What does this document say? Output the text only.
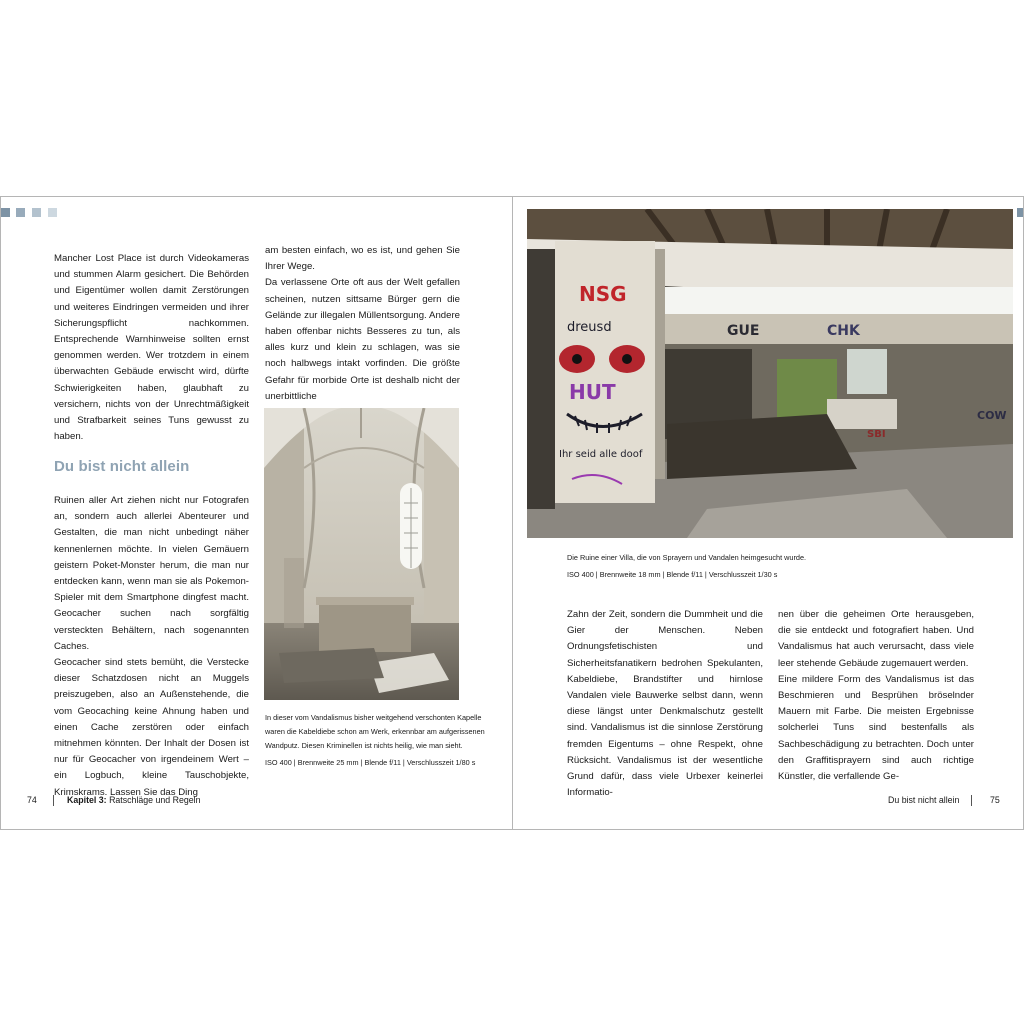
Mancher Lost Place ist durch Videokameras und stummen Alarm gesichert. Die Behörden und Eigentümer wollen damit Zerstörungen und weiteres Eindringen vermeiden und ihrer Sicherungspflicht nachkommen. Entsprechende Warnhinweise sollten ernst genommen werden. Wer trotzdem in einem überwachten Gebäude erwischt wird, dürfte Schwierigkeiten haben, glaubhaft zu versichern, nichts von der Unrechtmäßigkeit und Strafbarkeit seines Tuns gewusst zu haben.

Du bist nicht allein

Ruinen aller Art ziehen nicht nur Fotografen an, sondern auch allerlei Abenteurer und Gestalten, die man nicht unbedingt näher kennenlernen möchte. In vielen Gemäuern geistern Poket-Monster herum, die man nur entdecken kann, wenn man sie als Pokemon-Spieler mit dem Smartphone dingfest macht. Geocacher suchen nach sorgfältig versteckten Behältern, nach sogenannten Caches.

Geocacher sind stets bemüht, die Verstecke dieser Schatzdosen nicht an Muggels preiszugeben, also an Außenstehende, die vom Geocaching keine Ahnung haben und einen Cache zerstören oder einfach mitnehmen könnten. Der Inhalt der Dosen ist nur für Geocacher von irgendeinem Wert – ein Logbuch, kleine Tauschobjekte, Krimskrams. Lassen Sie das Ding

am besten einfach, wo es ist, und gehen Sie Ihrer Wege.

Da verlassene Orte oft aus der Welt gefallen scheinen, nutzen sittsame Bürger gern die Gelände zur illegalen Müllentsorgung. Andere haben offenbar nichts Besseres zu tun, als alles kurz und klein zu schlagen, was sie noch halbwegs intakt vorfinden. Die größte Gefahr für morbide Orte ist deshalb nicht der unerbittliche

In dieser vom Vandalismus bisher weitgehend verschonten Kapelle
waren die Kabeldiebe schon am Werk, erkennbar am aufgerissenen
Wandputz. Diesen Kriminellen ist nichts heilig, wie man sieht.
ISO 400 | Brennweite 25 mm | Blende f/11 | Verschlusszeit 1/80 s
74	Kapitel 3: Ratschläge und Regeln
GUE	CHK
COW
SBI
NSG
dreusd
HUT
Ihr seid alle doof
Die Ruine einer Villa, die von Sprayern und Vandalen heimgesucht wurde.
ISO 400 | Brennweite 18 mm | Blende f/11 | Verschlusszeit 1/30 s

Zahn der Zeit, sondern die Dummheit und die Gier der Menschen. Neben Ordnungsfetischisten und Sicherheitsfanatikern bedrohen Spekulanten, Kabeldiebe, Brandstifter und hirnlose Vandalen viele Bauwerke selbst dann, wenn diese längst unter Denkmalschutz gestellt sind. Vandalismus ist die sinnlose Zerstörung fremden Eigentums – ohne Respekt, ohne Rücksicht. Vandalismus ist der wesentliche Grund dafür, dass viele Urbexer keinerlei Informatio-

nen über die geheimen Orte herausgeben, die sie entdeckt und fotografiert haben. Und Vandalismus hat auch verursacht, dass viele leer stehende Gebäude zugemauert werden.

Eine mildere Form des Vandalismus ist das Beschmieren und Besprühen bröselnder Mauern mit Farbe. Die meisten Ergebnisse solcherlei Tuns sind bestenfalls als Sachbeschädigung zu betrachten. Doch unter den Graffitisprayern sind auch richtige Künstler, die verfallende Ge-

Du bist nicht allein	75
